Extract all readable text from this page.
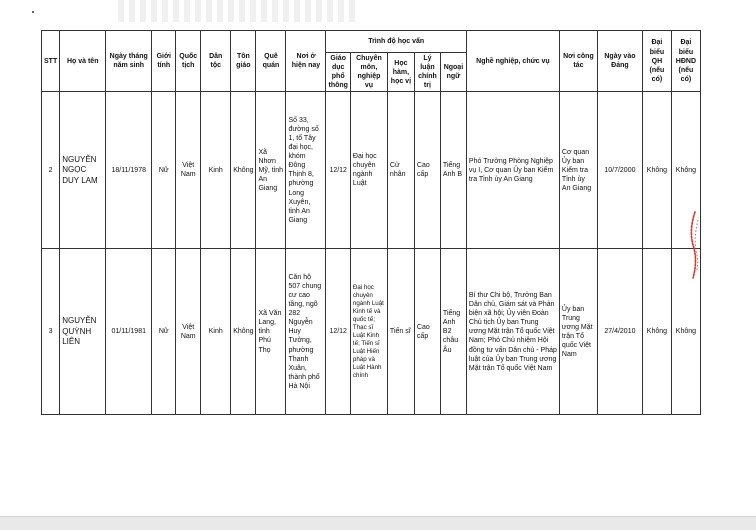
STT	Họ và tên	Ngày tháng năm sinh	Giới tính	Quốc tịch	Dân tộc	Tôn giáo	Quê quán	Nơi ở hiện nay	Trình độ học vấn					Nghề nghiệp, chức vụ	Nơi công tác	Ngày vào Đảng	Đại biểu QH (nếu có)	Đại biểu HĐND (nếu có)
									Giáo dục phổ thông	Chuyên môn, nghiệp vụ	Học hàm, học vị	Lý luận chính trị	Ngoại ngữ					
2	NGUYỄN NGỌC DUY LAM	18/11/1978	Nữ	Việt Nam	Kinh	Không	Xã Nhơn Mỹ, tỉnh An Giang	Số 33, đường số 1, tổ Tây đại học, khóm Đông Thịnh 8, phường Long Xuyên, tỉnh An Giang	12/12	Đại học chuyên ngành Luật	Cử nhân	Cao cấp	Tiếng Anh B	Phó Trưởng Phòng Nghiệp vụ I, Cơ quan Ủy ban Kiểm tra Tỉnh ủy An Giang	Cơ quan Ủy ban Kiểm tra Tỉnh ủy An Giang	10/7/2000	Không	Không
3	NGUYỄN QUỲNH LIÊN	01/11/1981	Nữ	Việt Nam	Kinh	Không	Xã Văn Lang, tỉnh Phú Thọ	Căn hộ 507 chung cư cao tầng, ngõ 282 Nguyễn Huy Tưởng, phường Thanh Xuân, thành phố Hà Nội	12/12	Đại học chuyên ngành Luật Kinh tế và quốc tế; Thạc sĩ Luật Kinh tế; Tiến sĩ Luật Hiến pháp và Luật Hành chính	Tiến sĩ	Cao cấp	Tiếng Anh B2 châu Âu	Bí thư Chi bộ, Trưởng Ban Dân chủ, Giám sát và Phản biện xã hội; Ủy viên Đoàn Chủ tịch Ủy ban Trung ương Mặt trận Tổ quốc Việt Nam; Phó Chủ nhiệm Hội đồng tư vấn Dân chủ - Pháp luật của Ủy ban Trung ương Mặt trận Tổ quốc Việt Nam	Ủy ban Trung ương Mặt trận Tổ quốc Việt Nam	27/4/2010	Không	Không
